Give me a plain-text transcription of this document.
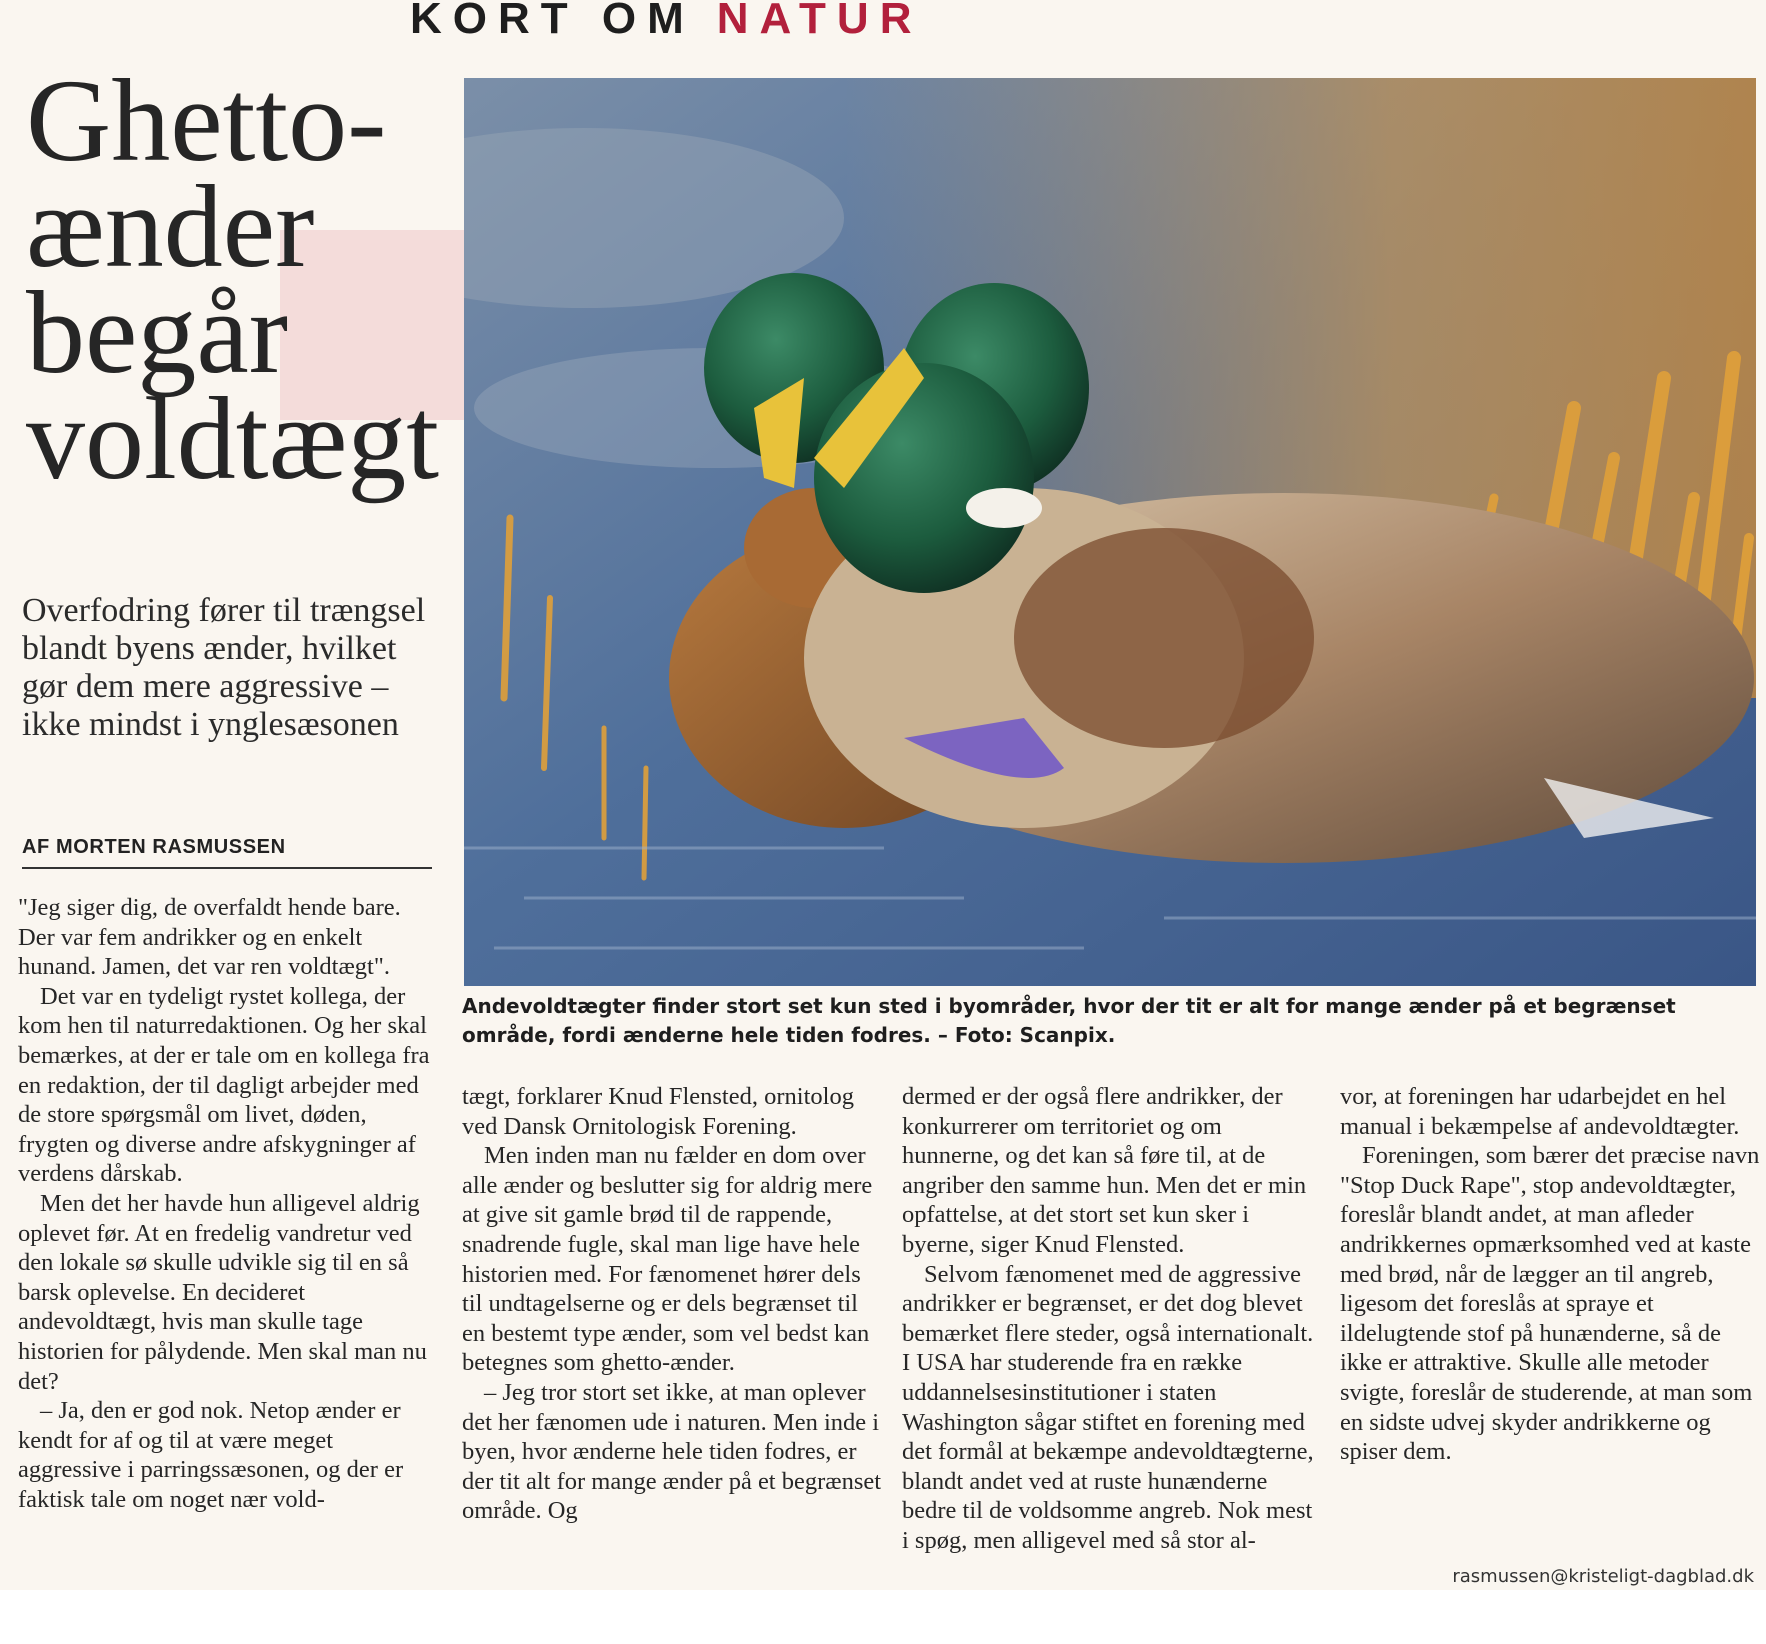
KORT OM NATUR
Ghetto-
ænder
begår
voldtægt
Overfodring fører til trængsel blandt byens ænder, hvilket gør dem mere aggressive – ikke mindst i ynglesæsonen
AF MORTEN RASMUSSEN
Andevoldtægter finder stort set kun sted i byområder, hvor der tit er alt for mange ænder på et begrænset område, fordi ænderne hele tiden fodres. – Foto: Scanpix.

"Jeg siger dig, de overfaldt hende bare. Der var fem andrikker og en enkelt hunand. Jamen, det var ren voldtægt".

Det var en tydeligt rystet kollega, der kom hen til naturredaktionen. Og her skal bemærkes, at der er tale om en kollega fra en redaktion, der til dagligt arbejder med de store spørgsmål om livet, døden, frygten og diverse andre afskygninger af verdens dårskab.

Men det her havde hun alligevel aldrig oplevet før. At en fredelig vandretur ved den lokale sø skulle udvikle sig til en så barsk oplevelse. En decideret andevoldtægt, hvis man skulle tage historien for pålydende. Men skal man nu det?

– Ja, den er god nok. Netop ænder er kendt for af og til at være meget aggressive i parringssæsonen, og der er faktisk tale om noget nær vold-

tægt, forklarer Knud Flensted, ornitolog ved Dansk Ornitologisk Forening.

Men inden man nu fælder en dom over alle ænder og beslutter sig for aldrig mere at give sit gamle brød til de rappende, snadrende fugle, skal man lige have hele historien med. For fænomenet hører dels til undtagelserne og er dels begrænset til en bestemt type ænder, som vel bedst kan betegnes som ghetto-ænder.

– Jeg tror stort set ikke, at man oplever det her fænomen ude i naturen. Men inde i byen, hvor ænderne hele tiden fodres, er der tit alt for mange ænder på et begrænset område. Og

dermed er der også flere andrikker, der konkurrerer om territoriet og om hunnerne, og det kan så føre til, at de angriber den samme hun. Men det er min opfattelse, at det stort set kun sker i byerne, siger Knud Flensted.

Selvom fænomenet med de aggressive andrikker er begrænset, er det dog blevet bemærket flere steder, også internationalt. I USA har studerende fra en række uddannelsesinstitutioner i staten Washington sågar stiftet en forening med det formål at bekæmpe andevoldtægterne, blandt andet ved at ruste hunænderne bedre til de voldsomme angreb. Nok mest i spøg, men alligevel med så stor al-

vor, at foreningen har udarbejdet en hel manual i bekæmpelse af andevoldtægter.

Foreningen, som bærer det præcise navn "Stop Duck Rape", stop andevoldtægter, foreslår blandt andet, at man afleder andrikkernes opmærksomhed ved at kaste med brød, når de lægger an til angreb, ligesom det foreslås at spraye et ildelugtende stof på hunænderne, så de ikke er attraktive. Skulle alle metoder svigte, foreslår de studerende, at man som en sidste udvej skyder andrikkerne og spiser dem.

rasmussen@kristeligt-dagblad.dk
